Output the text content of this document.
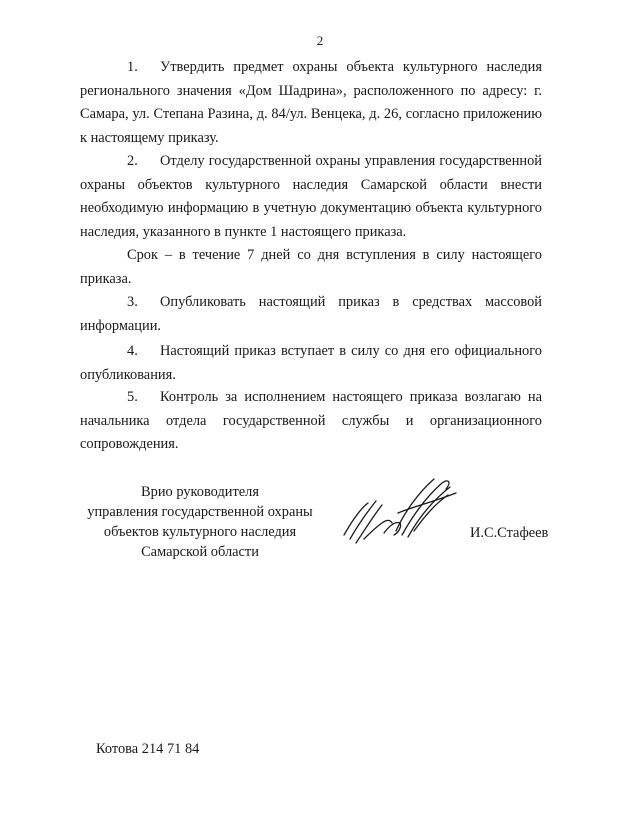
2

1. Утвердить предмет охраны объекта культурного наследия регионального значения «Дом Шадрина», расположенного по адресу: г. Самара, ул. Степана Разина, д. 84/ул. Венцека, д. 26, согласно приложению к настоящему приказу.

2. Отделу государственной охраны управления государственной охраны объектов культурного наследия Самарской области внести необходимую информацию в учетную документацию объекта культурного наследия, указанного в пункте 1 настоящего приказа.

Срок – в течение 7 дней со дня вступления в силу настоящего приказа.

3. Опубликовать настоящий приказ в средствах массовой информации.

4. Настоящий приказ вступает в силу со дня его официального опубликования.

5. Контроль за исполнением настоящего приказа возлагаю на начальника отдела государственной службы и организационного сопровождения.

Врио руководителя
управления государственной охраны
объектов культурного наследия
Самарской области
И.С.Стафеев
Котова 214 71 84
